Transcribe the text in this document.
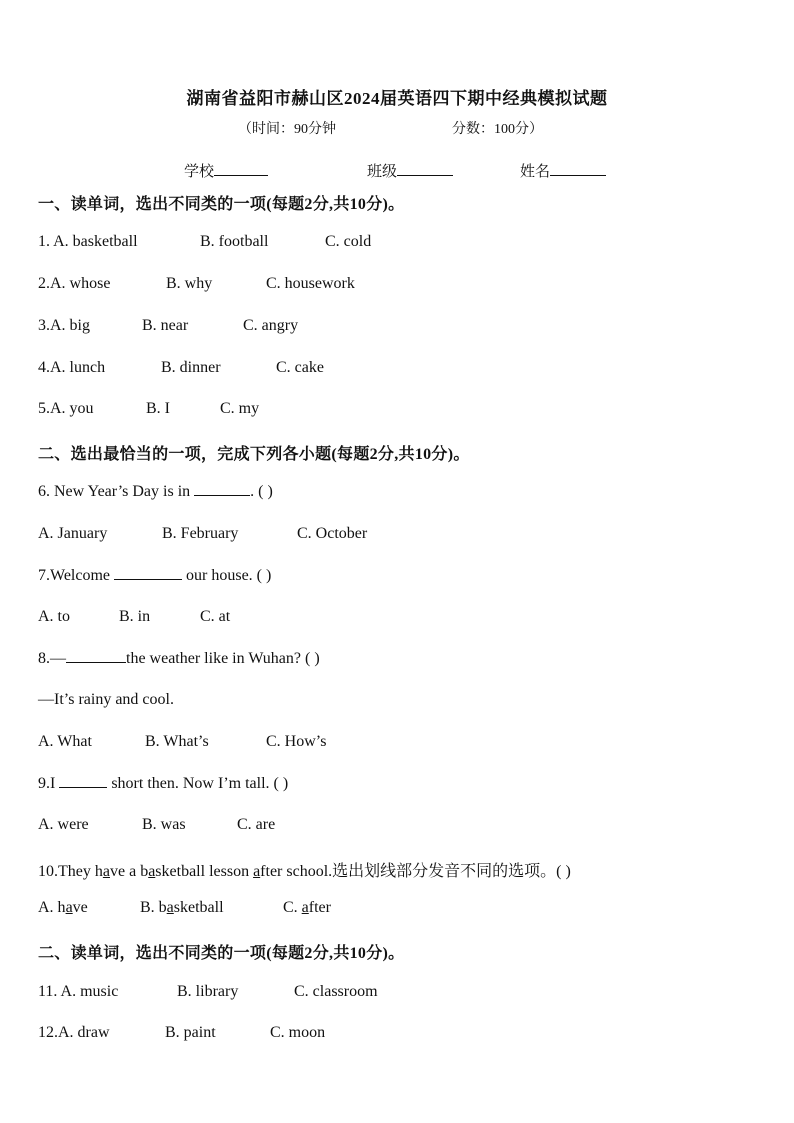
湖南省益阳市赫山区2024届英语四下期中经典模拟试题
（时间：90分钟	分数：100分）
学校	班级	姓名
一、读单词，选出不同类的一项(每题2分,共10分)。
1. A. basketball	B. football	C. cold
2.A. whose	B. why	C. housework
3.A. big	B. near	C. angry
4.A. lunch	B. dinner	C. cake
5.A. you	B. I	C. my
二、选出最恰当的一项，完成下列各小题(每题2分,共10分)。
6. New Year’s Day is in	. ( )
A. January	B. February	C. October
7.Welcome	our house. ( )
A. to	B. in	C. at
8.—	the weather like in Wuhan? ( )
—It’s rainy and cool.
A. What	B. What’s	C. How’s
9.I	short then. Now I’m tall. ( )
A. were	B. was	C. are
10.They have a basketball lesson after school.选出划线部分发音不同的选项。( )
A. have	B. basketball	C. after
二、读单词，选出不同类的一项(每题2分,共10分)。
11. A. music	B. library	C. classroom
12.A. draw	B. paint	C. moon
